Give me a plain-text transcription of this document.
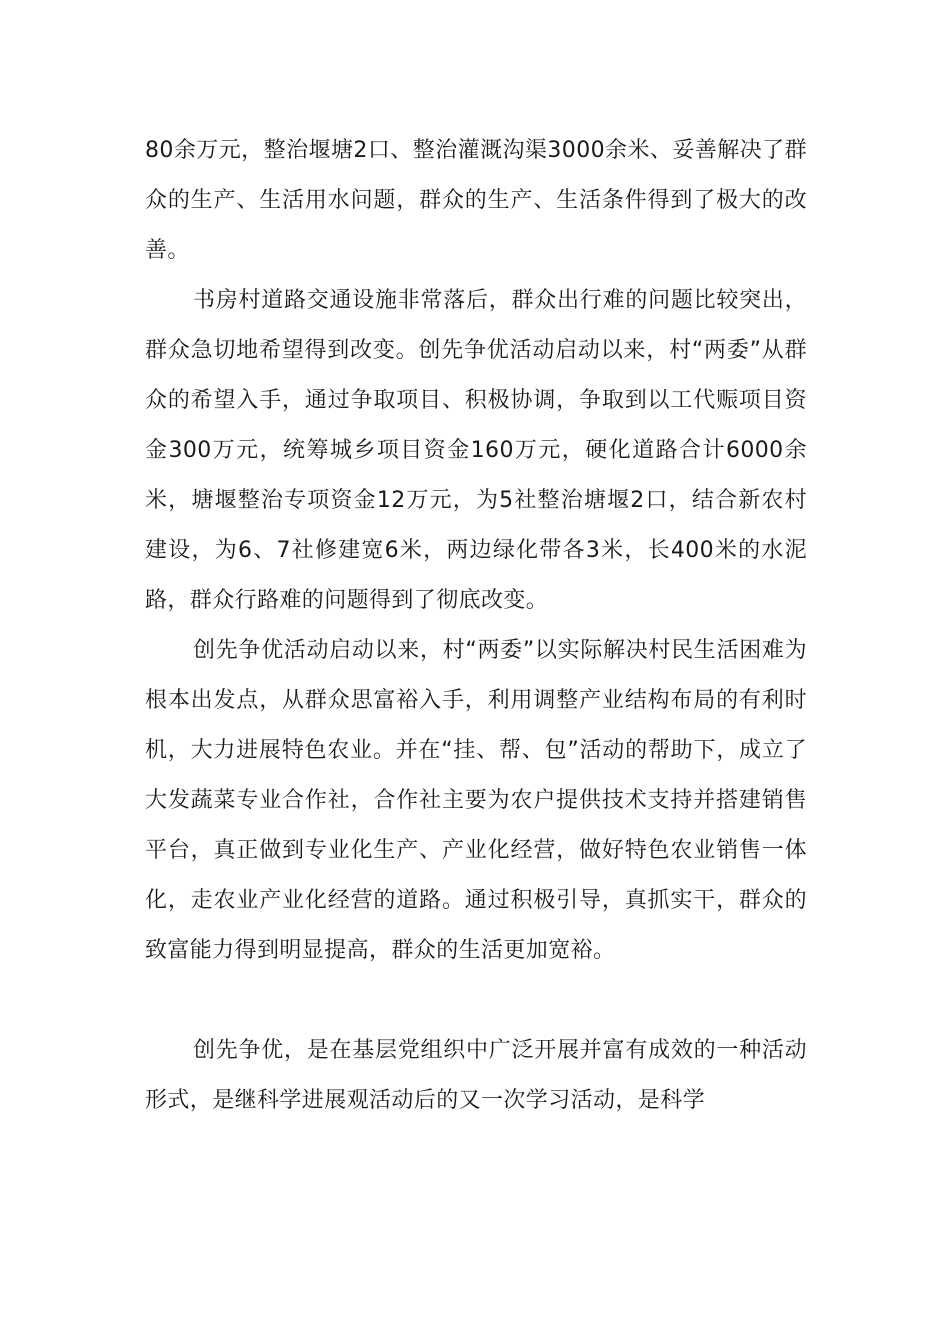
80余万元，整治堰塘2口、整治灌溉沟渠3000余米、妥善解决了群众的生产、生活用水问题，群众的生产、生活条件得到了极大的改善。

书房村道路交通设施非常落后，群众出行难的问题比较突出，群众急切地希望得到改变。创先争优活动启动以来，村“两委”从群众的希望入手，通过争取项目、积极协调，争取到以工代赈项目资金300万元，统筹城乡项目资金160万元，硬化道路合计6000余米，塘堰整治专项资金12万元，为5社整治塘堰2口，结合新农村建设，为6、7社修建宽6米，两边绿化带各3米，长400米的水泥路，群众行路难的问题得到了彻底改变。

创先争优活动启动以来，村“两委”以实际解决村民生活困难为根本出发点，从群众思富裕入手，利用调整产业结构布局的有利时机，大力进展特色农业。并在“挂、帮、包”活动的帮助下，成立了大发蔬菜专业合作社，合作社主要为农户提供技术支持并搭建销售平台，真正做到专业化生产、产业化经营，做好特色农业销售一体化，走农业产业化经营的道路。通过积极引导，真抓实干，群众的致富能力得到明显提高，群众的生活更加宽裕。

创先争优，是在基层党组织中广泛开展并富有成效的一种活动形式，是继科学进展观活动后的又一次学习活动，是科学
